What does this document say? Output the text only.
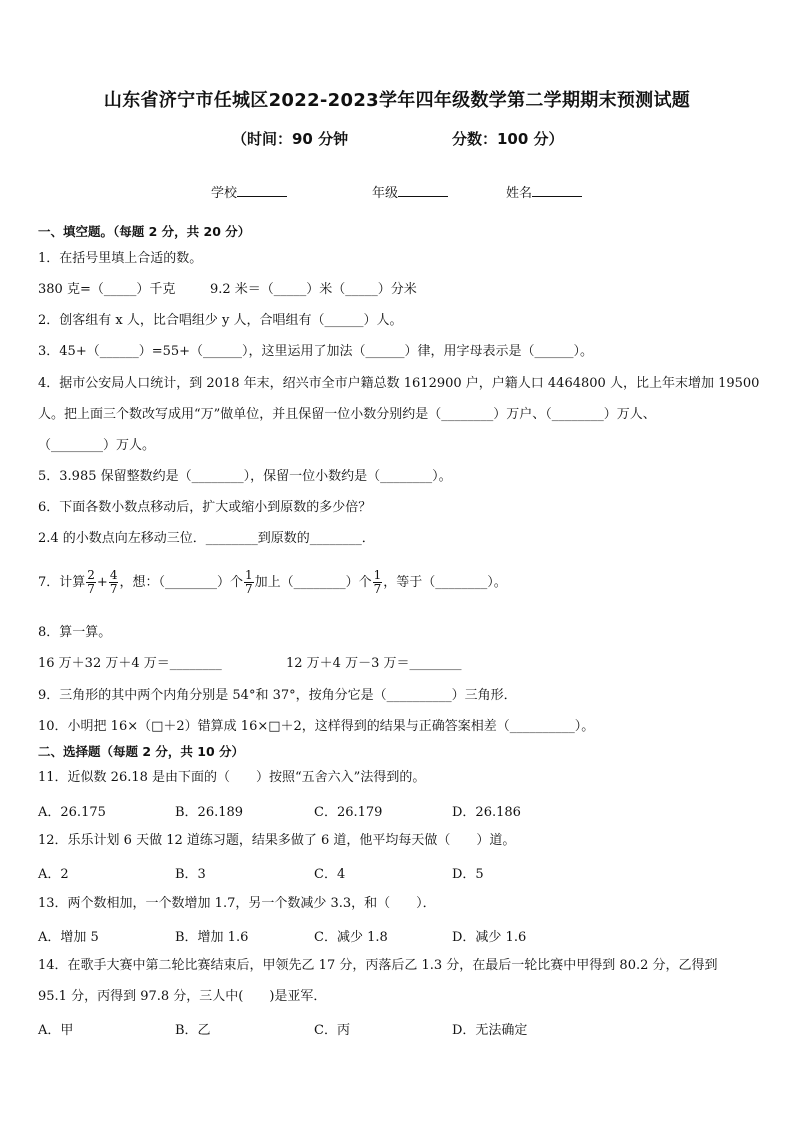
山东省济宁市任城区2022-2023学年四年级数学第二学期期末预测试题
（时间：90 分钟	分数：100 分）
学校	年级	姓名
一、填空题。（每题 2 分，共 20 分）
1．在括号里填上合适的数。
380 克=（_____）千克	9.2 米＝（_____）米（_____）分米
2．创客组有 x 人，比合唱组少 y 人，合唱组有（______）人。
3．45+（______）=55+（______），这里运用了加法（______）律，用字母表示是（______）。
4．据市公安局人口统计，到 2018 年末，绍兴市全市户籍总数 1612900 户，户籍人口 4464800 人，比上年末增加 19500
人。把上面三个数改写成用“万”做单位，并且保留一位小数分别约是（________）万户、（________）万人、
（________）万人。
5．3.985 保留整数约是（________），保留一位小数约是（________）。
6．下面各数小数点移动后，扩大或缩小到原数的多少倍？
2.4 的小数点向左移动三位．________到原数的________．
7．计算 $\frac{2}{7} + \frac{4}{7}$ ，想：（________）个 $\frac{1}{7}$ 加上（________）个 $\frac{1}{7}$ ，等于（________）。
8．算一算。
16 万＋32 万＋4 万＝________	12 万＋4 万－3 万＝________
9．三角形的其中两个内角分别是 54°和 37°，按角分它是（__________）三角形．
10．小明把 16×（□＋2）错算成 16×□＋2，这样得到的结果与正确答案相差（__________）。
二、选择题（每题 2 分，共 10 分）
11．近似数 26.18 是由下面的（　　）按照“五舍六入”法得到的。
A．26.175	B．26.189	C．26.179	D．26.186
12．乐乐计划 6 天做 12 道练习题，结果多做了 6 道，他平均每天做（　　）道。
A．2	B．3	C．4	D．5
13．两个数相加，一个数增加 1.7，另一个数减少 3.3，和（　　）．
A．增加 5	B．增加 1.6	C．减少 1.8	D．减少 1.6
14．在歌手大赛中第二轮比赛结束后，甲领先乙 17 分，丙落后乙 1.3 分，在最后一轮比赛中甲得到 80.2 分，乙得到
95.1 分，丙得到 97.8 分，三人中(　　)是亚军．
A．甲	B．乙	C．丙	D．无法确定
